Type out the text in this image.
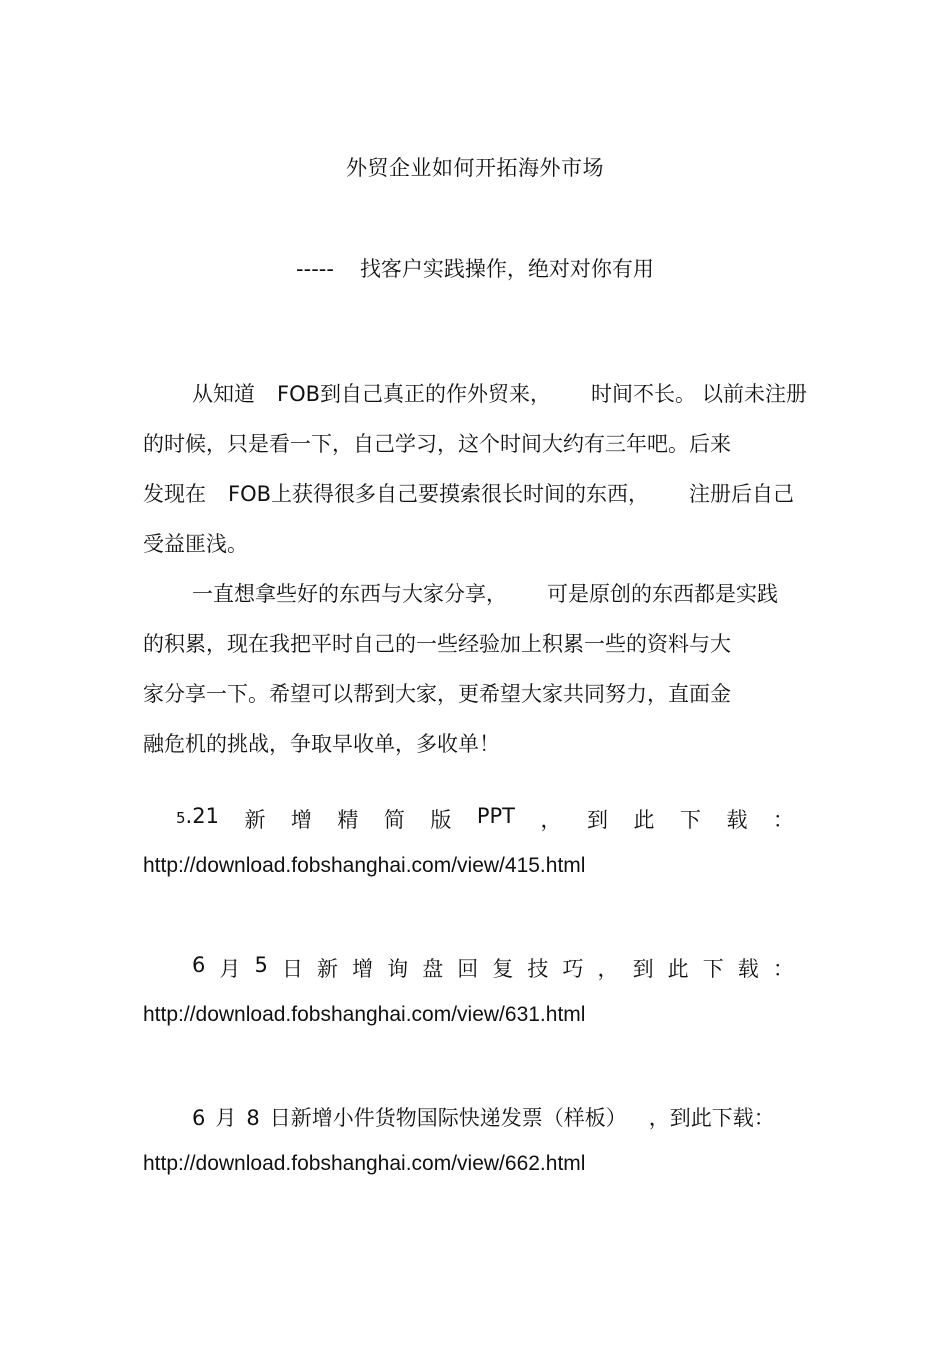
外贸企业如何开拓海外市场
----- 找客户实践操作，绝对对你有用
从知道 FOB到自己真正的作外贸来， 时间不长。 以前未注册
的时候，只是看一下，自己学习，这个时间大约有三年吧。后来
发现在 FOB上获得很多自己要摸索很长时间的东西， 注册后自己
受益匪浅。
一直想拿些好的东西与大家分享， 可是原创的东西都是实践
的积累，现在我把平时自己的一些经验加上积累一些的资料与大
家分享一下。希望可以帮到大家，更希望大家共同努力，直面金
融危机的挑战，争取早收单，多收单！
5.21 新 增 精 简 版 PPT ， 到 此 下 载 ：
http://download.fobshanghai.com/view/415.html
6 月 5 日 新 增 询 盘 回 复 技 巧 ， 到 此 下 载 ：
http://download.fobshanghai.com/view/631.html
6 月 8 日新增小件货物国际快递发票（样板） ，到此下载：
http://download.fobshanghai.com/view/662.html
